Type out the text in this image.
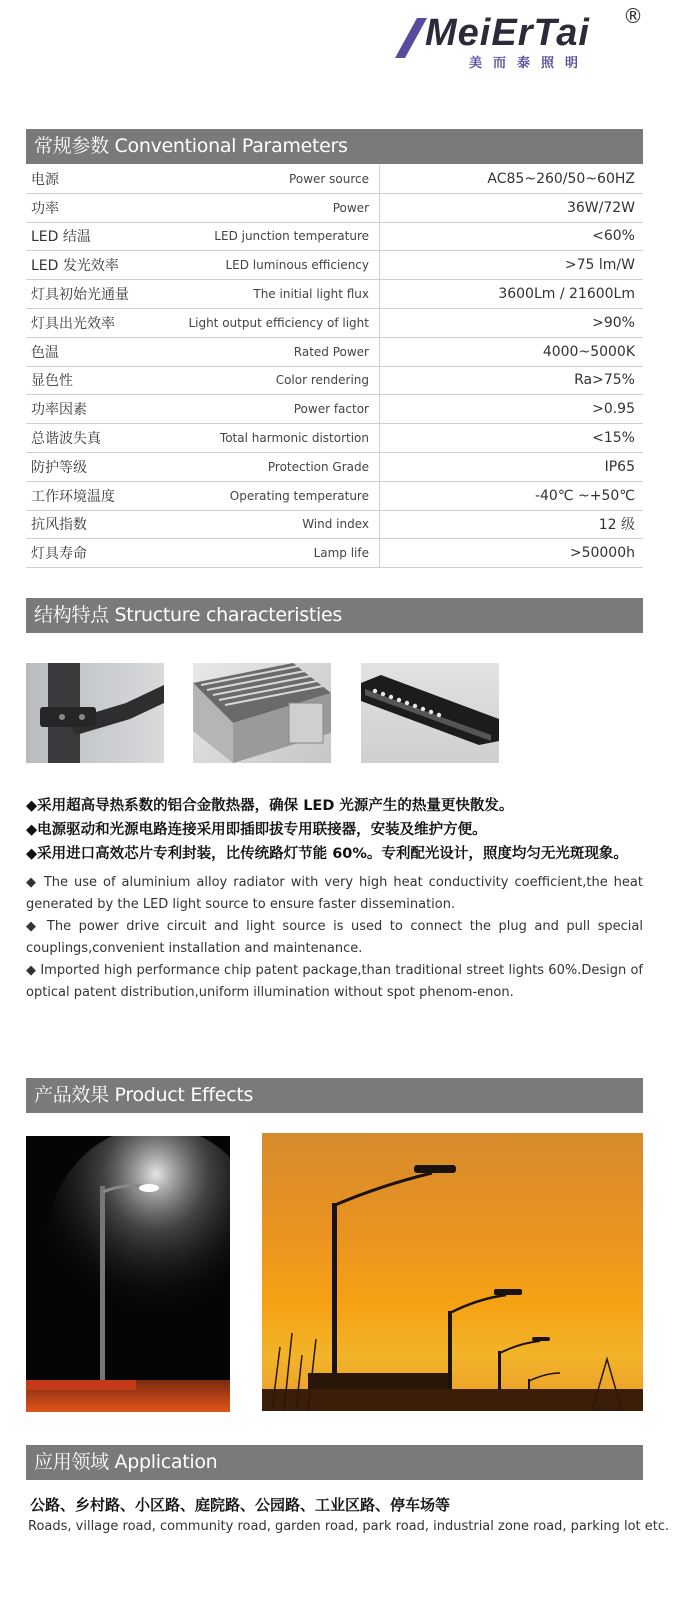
MeiErTai
美而泰照明
®
常规参数 Conventional Parameters
电源	Power source	AC85~260/50~60HZ
功率	Power	36W/72W
LED 结温	LED junction temperature	<60%
LED 发光效率	LED luminous efficiency	>75 lm/W
灯具初始光通量	The initial light flux	3600Lm / 21600Lm
灯具出光效率	Light output efficiency of light	>90%
色温	Rated Power	4000~5000K
显色性	Color rendering	Ra>75%
功率因素	Power factor	>0.95
总谐波失真	Total harmonic distortion	<15%
防护等级	Protection Grade	IP65
工作环境温度	Operating temperature	-40℃ ~+50℃
抗风指数	Wind index	12 级
灯具寿命	Lamp life	>50000h
结构特点 Structure characteristies
◆采用超高导热系数的铝合金散热器，确保 LED 光源产生的热量更快散发。
◆电源驱动和光源电路连接采用即插即拔专用联接器，安装及维护方便。
◆采用进口高效芯片专利封装，比传统路灯节能 60%。专利配光设计，照度均匀无光斑现象。
◆ The use of aluminium alloy radiator with very high heat conductivity coefficient,the heat generated by the LED light source to ensure faster dissemination.
◆ The power drive circuit and light source is used to connect the plug and pull special couplings,convenient installation and maintenance.
◆ Imported high performance chip patent package,than traditional street lights 60%.Design of optical patent distribution,uniform illumination without spot phenom-enon.
产品效果 Product Effects
应用领域 Application
公路、乡村路、小区路、庭院路、公园路、工业区路、停车场等
Roads, village road, community road, garden road, park road, industrial zone road, parking lot etc.
